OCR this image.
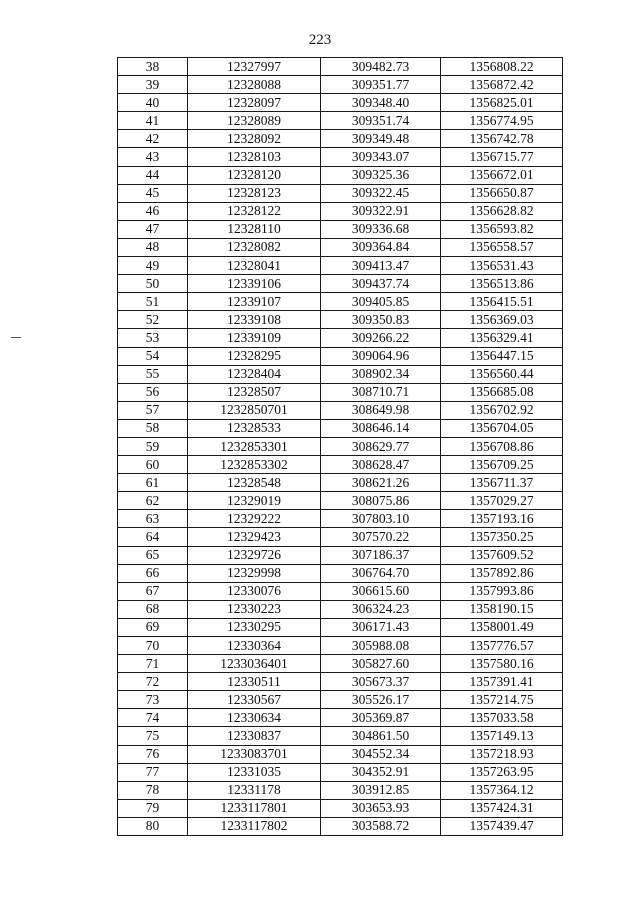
223
38	12327997	309482.73	1356808.22
39	12328088	309351.77	1356872.42
40	12328097	309348.40	1356825.01
41	12328089	309351.74	1356774.95
42	12328092	309349.48	1356742.78
43	12328103	309343.07	1356715.77
44	12328120	309325.36	1356672.01
45	12328123	309322.45	1356650.87
46	12328122	309322.91	1356628.82
47	12328110	309336.68	1356593.82
48	12328082	309364.84	1356558.57
49	12328041	309413.47	1356531.43
50	12339106	309437.74	1356513.86
51	12339107	309405.85	1356415.51
52	12339108	309350.83	1356369.03
53	12339109	309266.22	1356329.41
54	12328295	309064.96	1356447.15
55	12328404	308902.34	1356560.44
56	12328507	308710.71	1356685.08
57	1232850701	308649.98	1356702.92
58	12328533	308646.14	1356704.05
59	1232853301	308629.77	1356708.86
60	1232853302	308628.47	1356709.25
61	12328548	308621.26	1356711.37
62	12329019	308075.86	1357029.27
63	12329222	307803.10	1357193.16
64	12329423	307570.22	1357350.25
65	12329726	307186.37	1357609.52
66	12329998	306764.70	1357892.86
67	12330076	306615.60	1357993.86
68	12330223	306324.23	1358190.15
69	12330295	306171.43	1358001.49
70	12330364	305988.08	1357776.57
71	1233036401	305827.60	1357580.16
72	12330511	305673.37	1357391.41
73	12330567	305526.17	1357214.75
74	12330634	305369.87	1357033.58
75	12330837	304861.50	1357149.13
76	1233083701	304552.34	1357218.93
77	12331035	304352.91	1357263.95
78	12331178	303912.85	1357364.12
79	1233117801	303653.93	1357424.31
80	1233117802	303588.72	1357439.47
